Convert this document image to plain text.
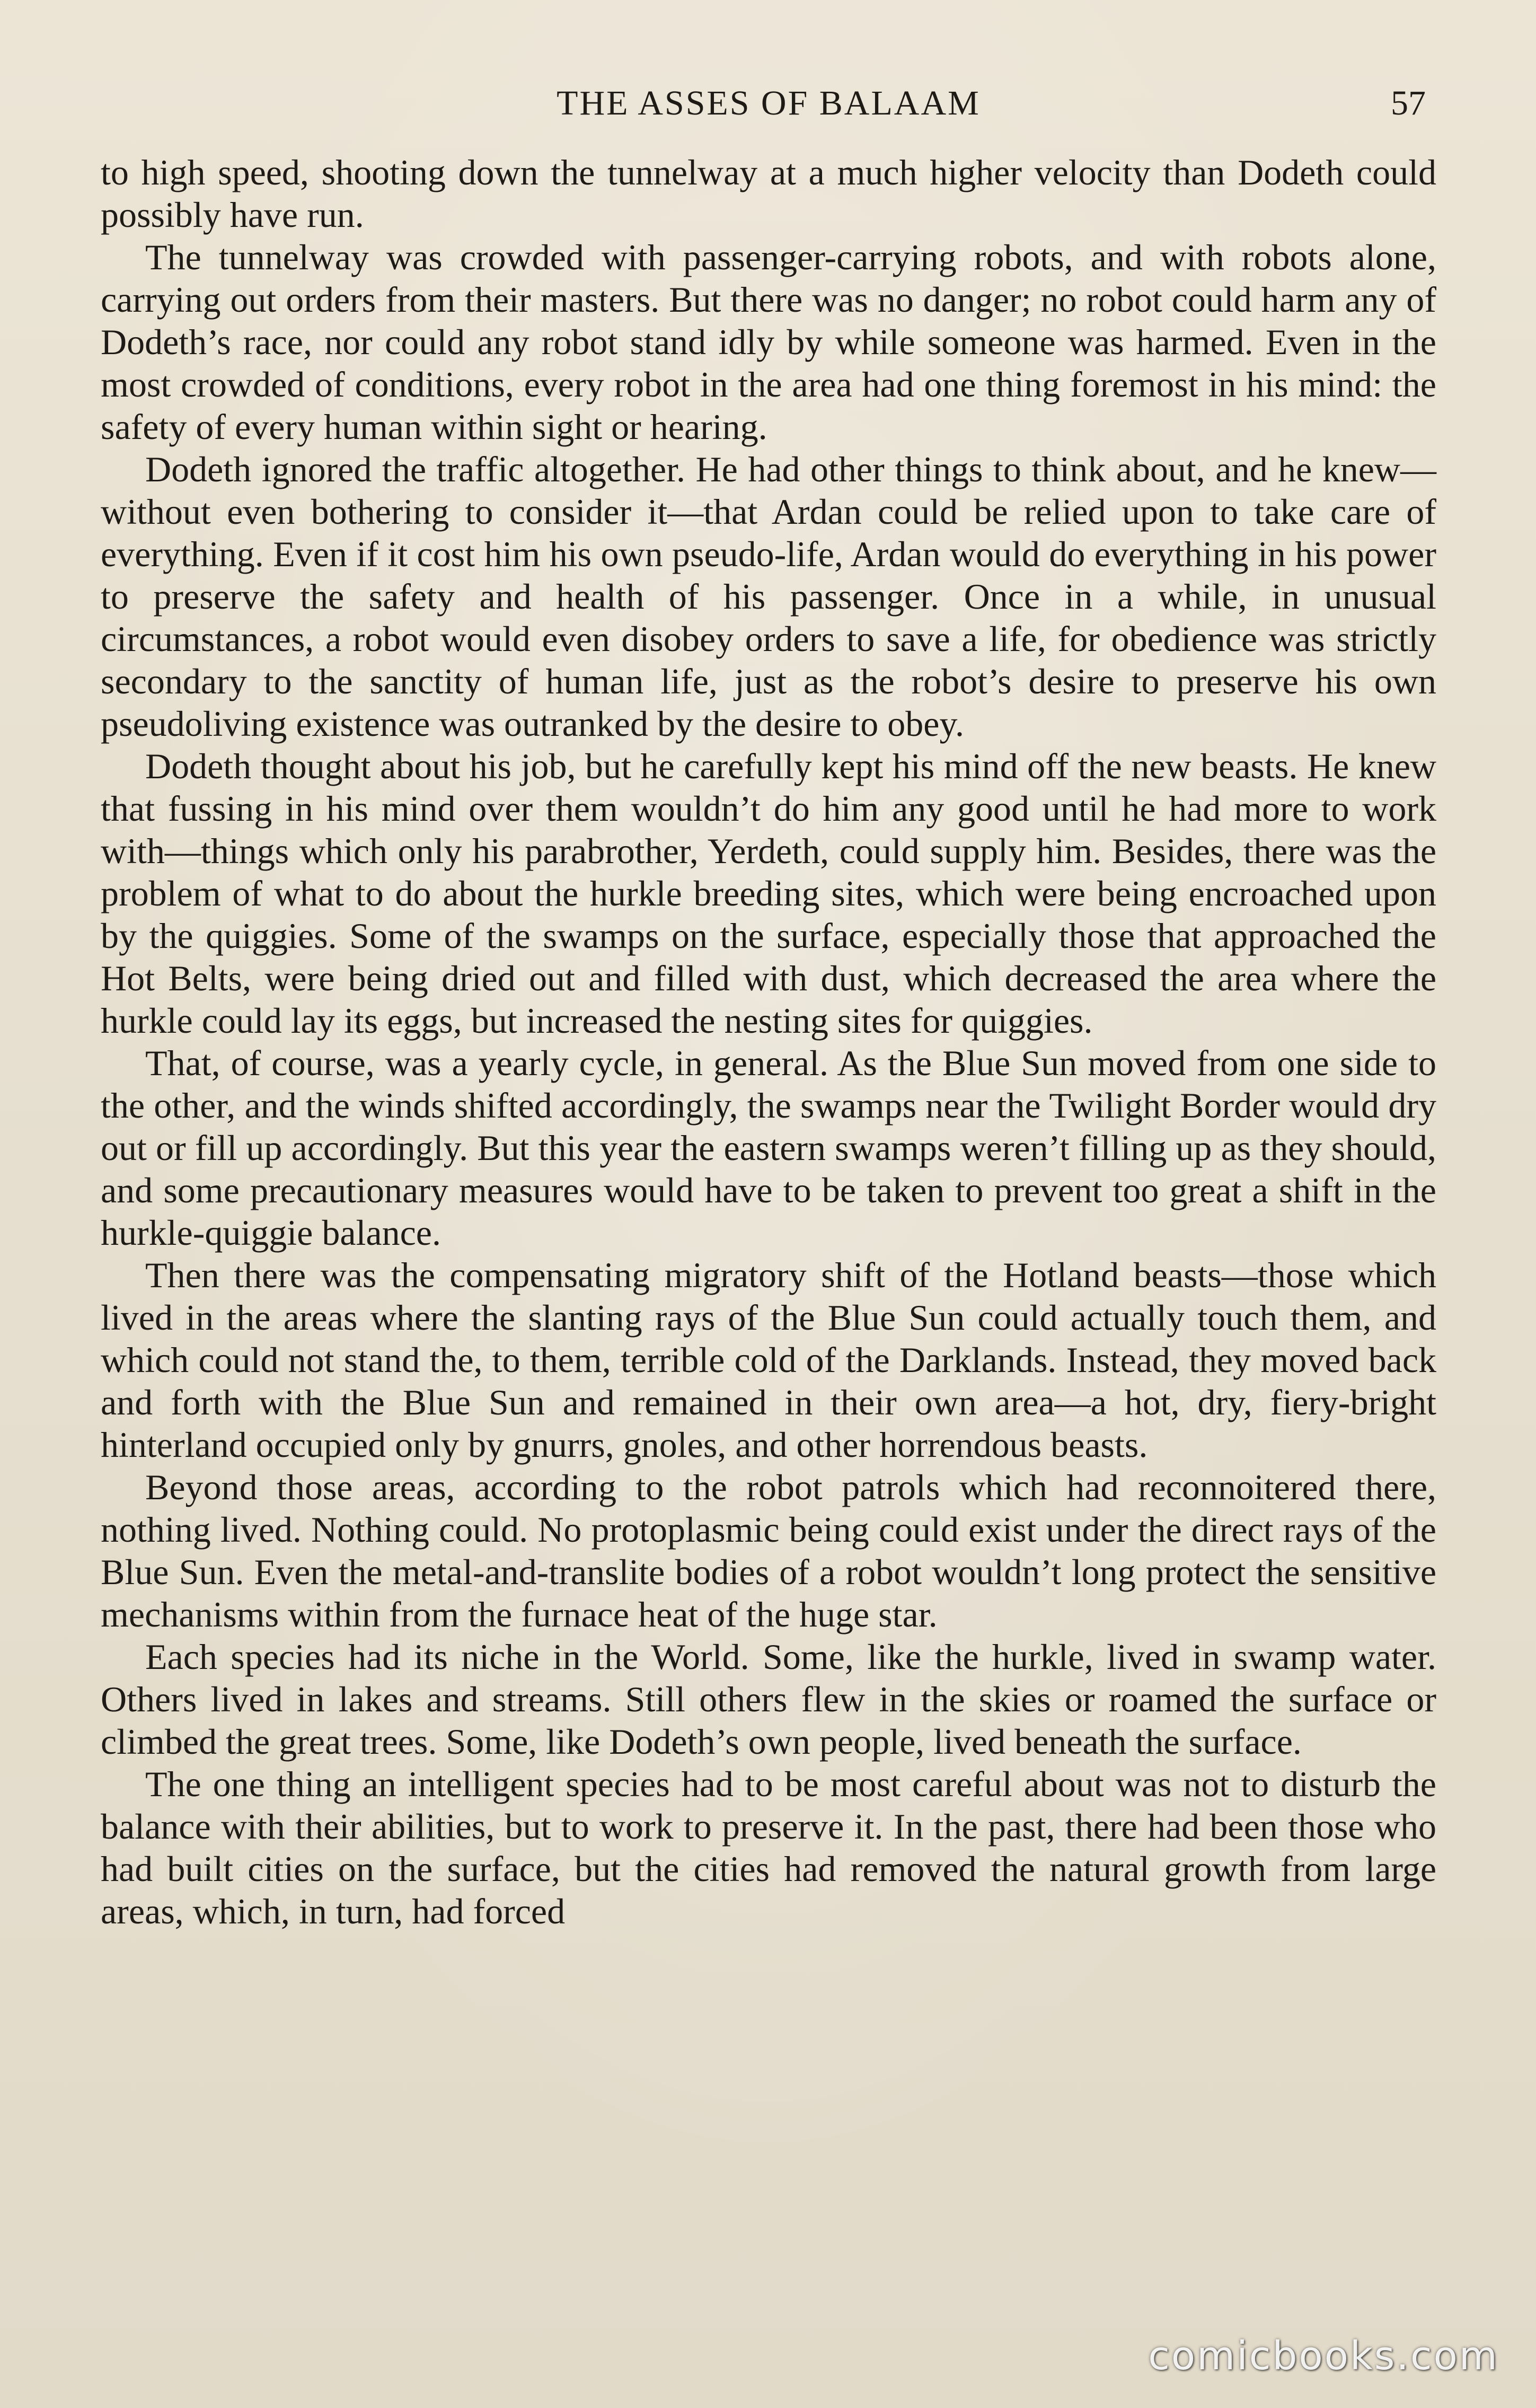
THE ASSES OF BALAAM	57

to high speed, shooting down the tunnelway at a much higher velocity than Dodeth could possibly have run.

The tunnelway was crowded with passenger-carrying robots, and with robots alone, carrying out orders from their masters. But there was no danger; no robot could harm any of Dodeth’s race, nor could any robot stand idly by while someone was harmed. Even in the most crowded of conditions, every robot in the area had one thing foremost in his mind: the safety of every human within sight or hearing.

Dodeth ignored the traffic altogether. He had other things to think about, and he knew—without even bothering to consider it—that Ardan could be relied upon to take care of everything. Even if it cost him his own pseudo-life, Ardan would do everything in his power to preserve the safety and health of his passenger. Once in a while, in unusual circumstances, a robot would even disobey orders to save a life, for obedience was strictly secondary to the sanctity of human life, just as the robot’s desire to preserve his own pseudoliving existence was outranked by the desire to obey.

Dodeth thought about his job, but he carefully kept his mind off the new beasts. He knew that fussing in his mind over them wouldn’t do him any good until he had more to work with—things which only his parabrother, Yerdeth, could supply him. Besides, there was the problem of what to do about the hurkle breeding sites, which were being encroached upon by the quiggies. Some of the swamps on the surface, especially those that approached the Hot Belts, were being dried out and filled with dust, which decreased the area where the hurkle could lay its eggs, but increased the nesting sites for quiggies.

That, of course, was a yearly cycle, in general. As the Blue Sun moved from one side to the other, and the winds shifted accordingly, the swamps near the Twilight Border would dry out or fill up accordingly. But this year the eastern swamps weren’t filling up as they should, and some precautionary measures would have to be taken to prevent too great a shift in the hurkle-quiggie balance.

Then there was the compensating migratory shift of the Hotland beasts—those which lived in the areas where the slanting rays of the Blue Sun could actually touch them, and which could not stand the, to them, terrible cold of the Darklands. Instead, they moved back and forth with the Blue Sun and remained in their own area—a hot, dry, fiery-bright hinterland occupied only by gnurrs, gnoles, and other horrendous beasts.

Beyond those areas, according to the robot patrols which had reconnoitered there, nothing lived. Nothing could. No protoplasmic being could exist under the direct rays of the Blue Sun. Even the metal-and-translite bodies of a robot wouldn’t long protect the sensitive mechanisms within from the furnace heat of the huge star.

Each species had its niche in the World. Some, like the hurkle, lived in swamp water. Others lived in lakes and streams. Still others flew in the skies or roamed the surface or climbed the great trees. Some, like Dodeth’s own people, lived beneath the surface.

The one thing an intelligent species had to be most careful about was not to disturb the balance with their abilities, but to work to preserve it. In the past, there had been those who had built cities on the surface, but the cities had removed the natural growth from large areas, which, in turn, had forced

comicbooks.com
